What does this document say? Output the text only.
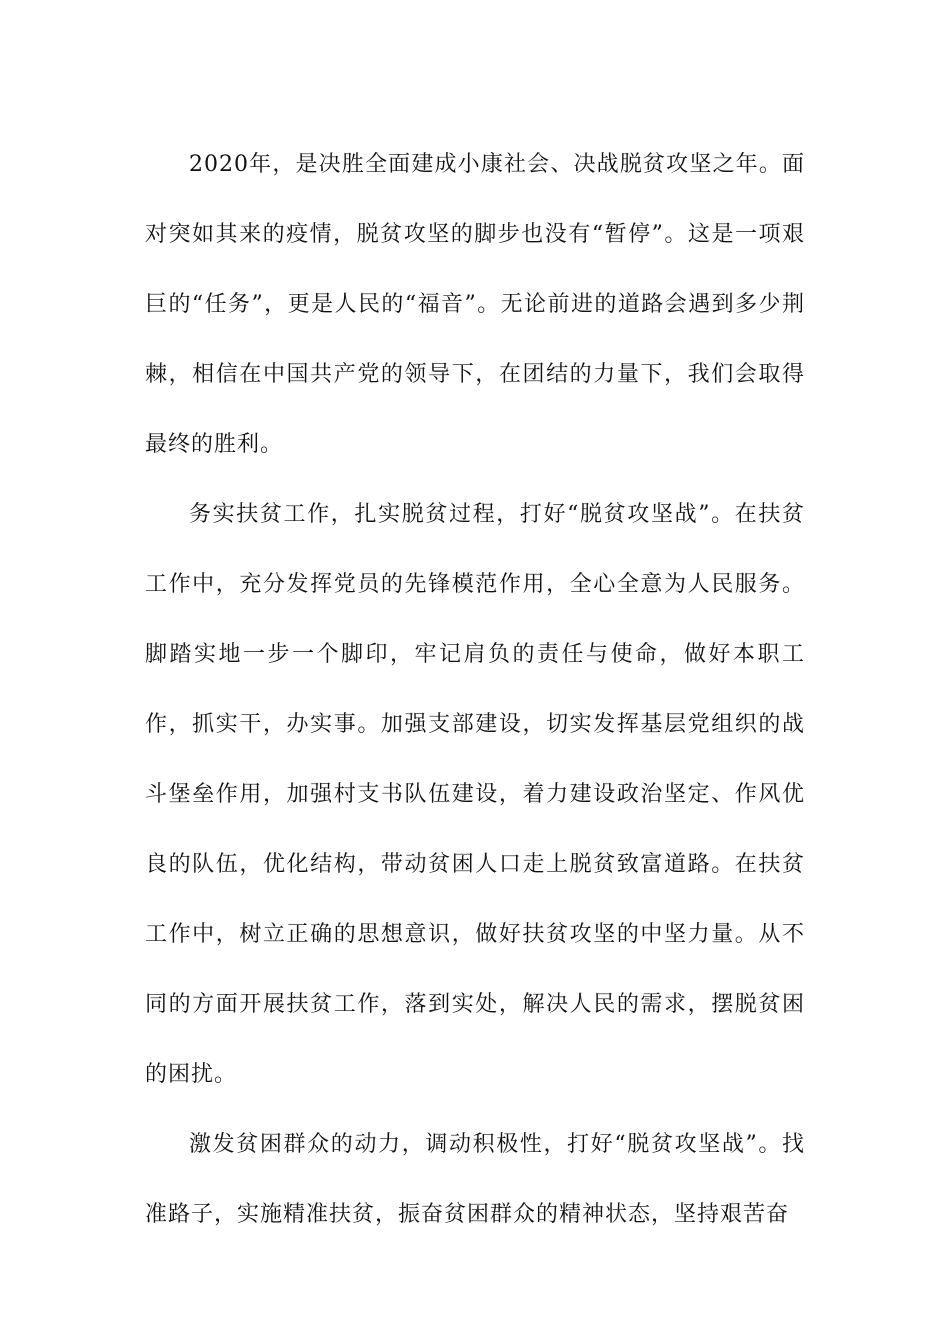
2020年，是决胜全面建成小康社会、决战脱贫攻坚之年。面对突如其来的疫情，脱贫攻坚的脚步也没有“暂停”。这是一项艰巨的“任务”，更是人民的“福音”。无论前进的道路会遇到多少荆棘，相信在中国共产党的领导下，在团结的力量下，我们会取得最终的胜利。

务实扶贫工作，扎实脱贫过程，打好“脱贫攻坚战”。在扶贫工作中，充分发挥党员的先锋模范作用，全心全意为人民服务。脚踏实地一步一个脚印，牢记肩负的责任与使命，做好本职工作，抓实干，办实事。加强支部建设，切实发挥基层党组织的战斗堡垒作用，加强村支书队伍建设，着力建设政治坚定、作风优良的队伍，优化结构，带动贫困人口走上脱贫致富道路。在扶贫工作中，树立正确的思想意识，做好扶贫攻坚的中坚力量。从不同的方面开展扶贫工作，落到实处，解决人民的需求，摆脱贫困的困扰。

激发贫困群众的动力，调动积极性，打好“脱贫攻坚战”。找准路子，实施精准扶贫，振奋贫困群众的精神状态，坚持艰苦奋
